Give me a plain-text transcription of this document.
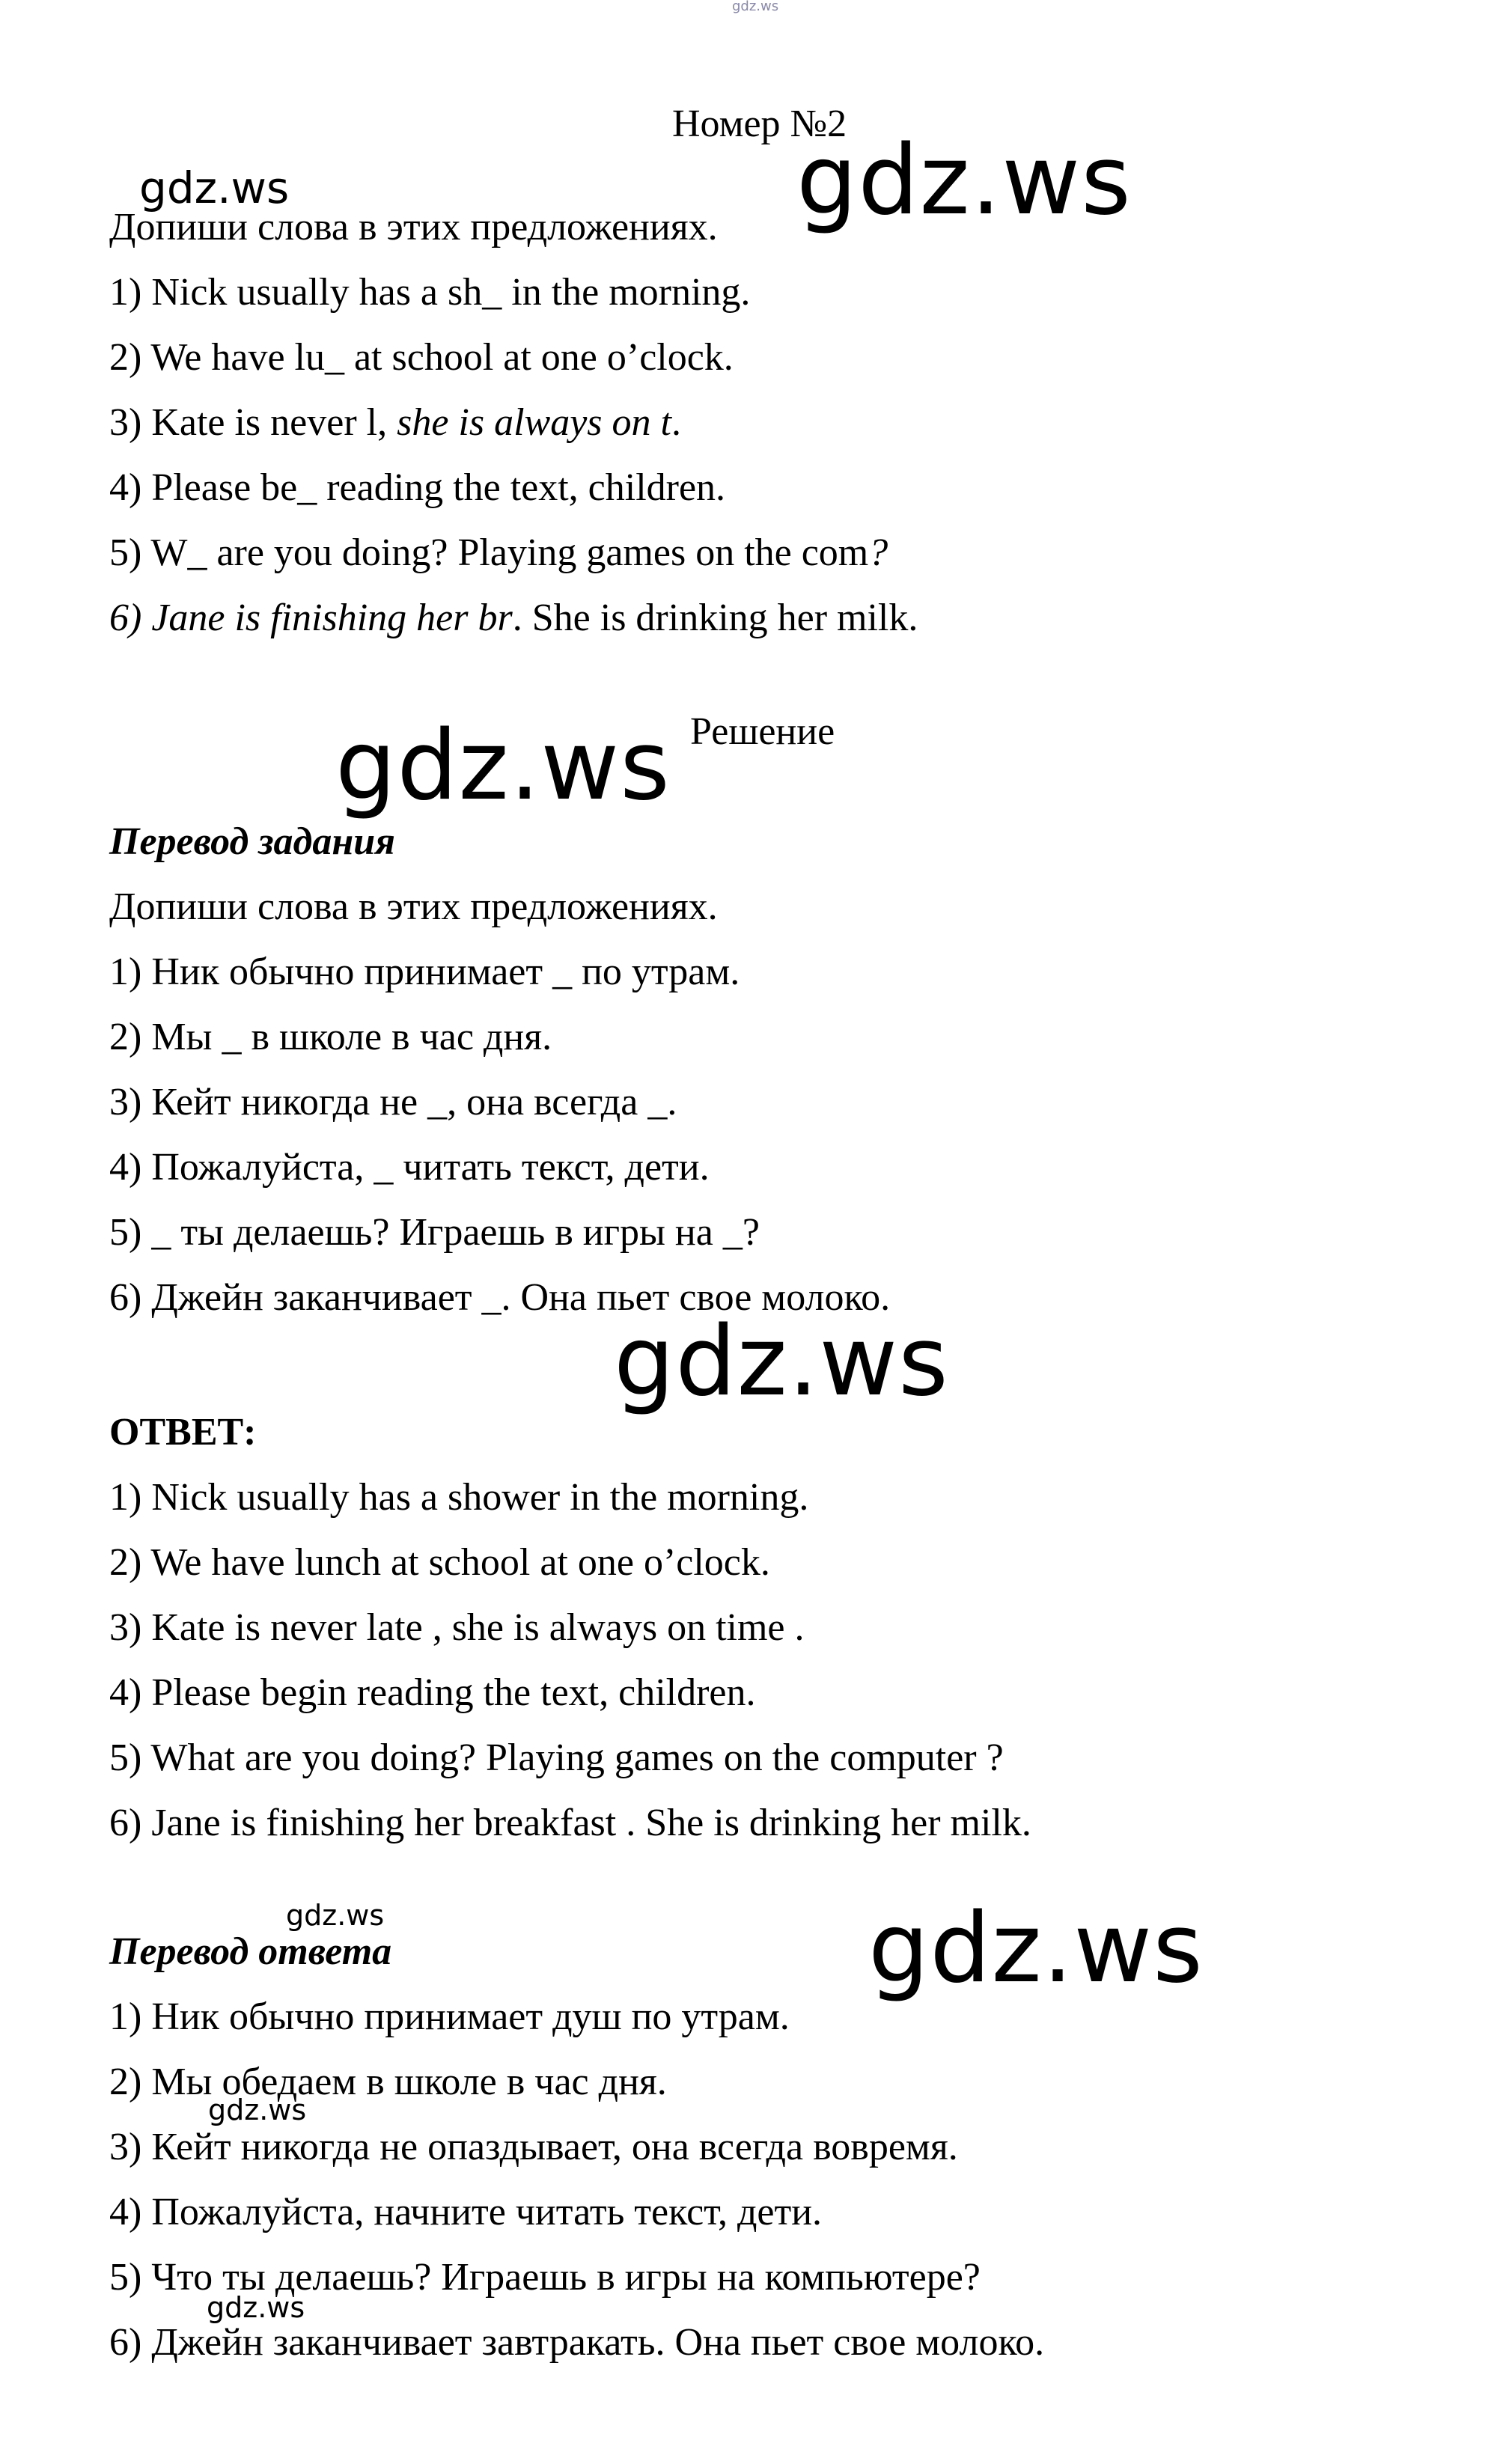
gdz.ws
gdz.ws	gdz.ws
gdz.ws
gdz.ws
gdz.ws	gdz.ws
gdz.ws
gdz.ws
Номер №2
Допиши слова в этих предложениях.
1) Nick usually has a sh_ in the morning.
2) We have lu_ at school at one o’clock.
3) Kate is never l, she is always on t.
4) Please be_ reading the text, children.
5) W_ are you doing? Playing games on the com?
6) Jane is finishing her br. She is drinking her milk.
Решение
Перевод задания
Допиши слова в этих предложениях.
1) Ник обычно принимает _ по утрам.
2) Мы _ в школе в час дня.
3) Кейт никогда не _, она всегда _.
4) Пожалуйста, _ читать текст, дети.
5) _ ты делаешь? Играешь в игры на _?
6) Джейн заканчивает _. Она пьет свое молоко.
ОТВЕТ:
1) Nick usually has a shower in the morning.
2) We have lunch at school at one o’clock.
3) Kate is never late , she is always on time .
4) Please begin reading the text, children.
5) What are you doing? Playing games on the computer ?
6) Jane is finishing her breakfast . She is drinking her milk.
Перевод ответа
1) Ник обычно принимает душ по утрам.
2) Мы обедаем в школе в час дня.
3) Кейт никогда не опаздывает, она всегда вовремя.
4) Пожалуйста, начните читать текст, дети.
5) Что ты делаешь? Играешь в игры на компьютере?
6) Джейн заканчивает завтракать. Она пьет свое молоко.
